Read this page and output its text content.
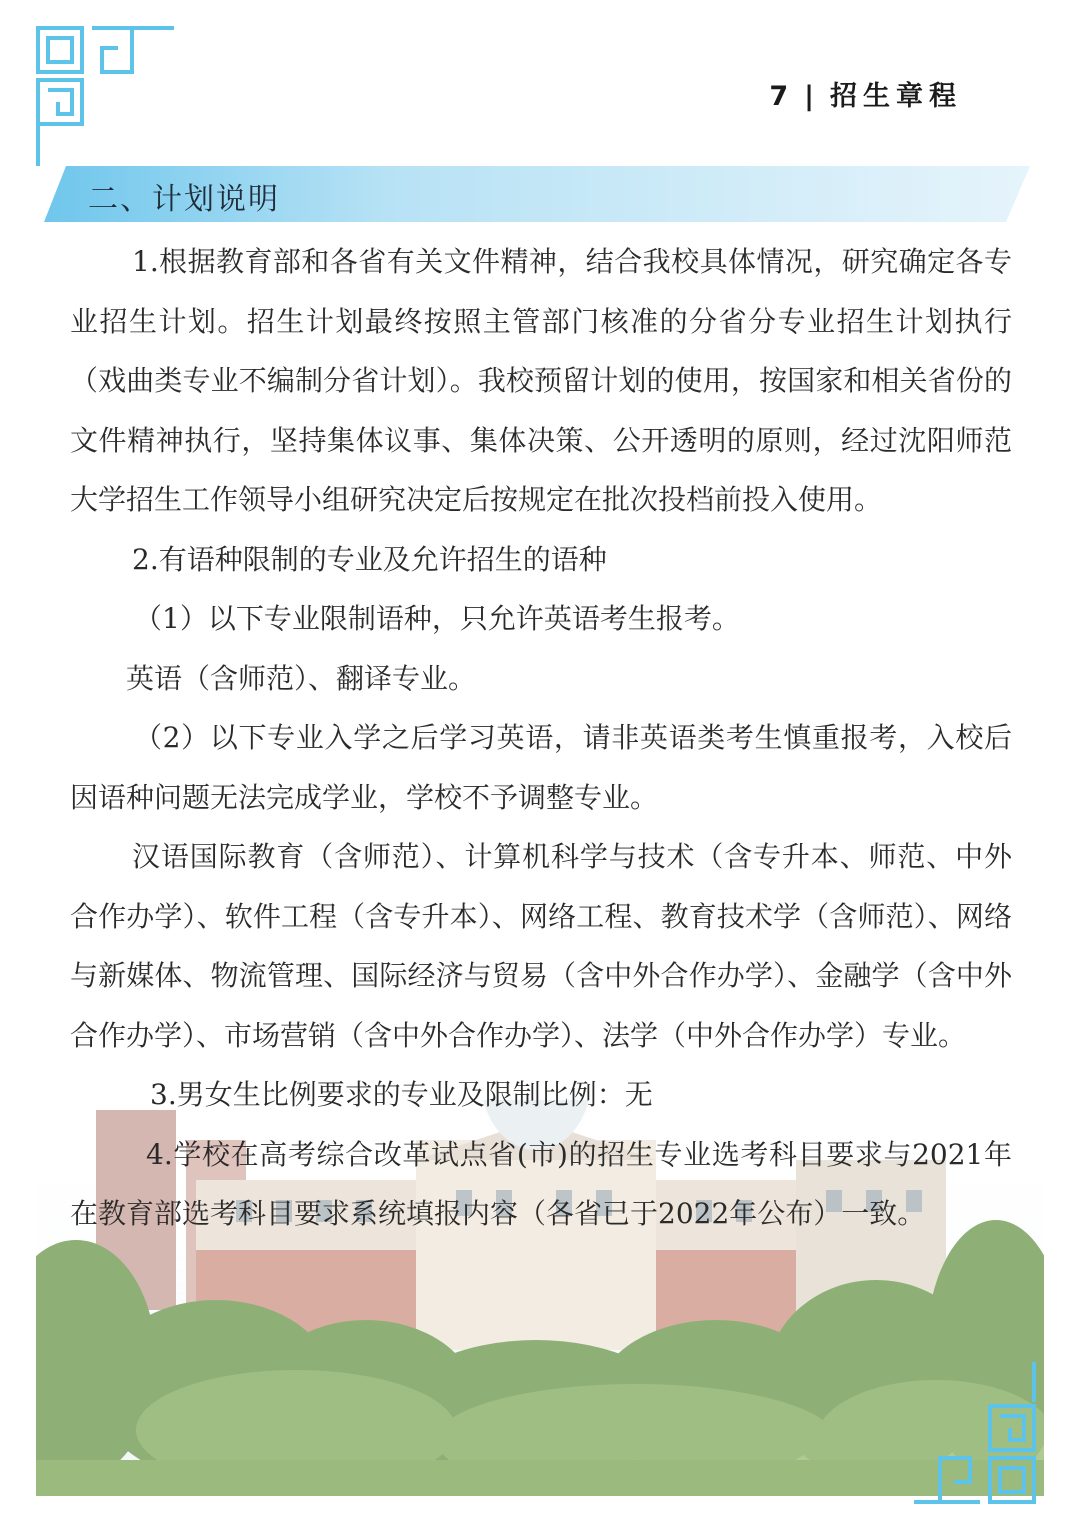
7 | 招生章程
二、计划说明

1.根据教育部和各省有关文件精神，结合我校具体情况，研究确定各专业招生计划。招生计划最终按照主管部门核准的分省分专业招生计划执行（戏曲类专业不编制分省计划）。我校预留计划的使用，按国家和相关省份的文件精神执行，坚持集体议事、集体决策、公开透明的原则，经过沈阳师范大学招生工作领导小组研究决定后按规定在批次投档前投入使用。

2.有语种限制的专业及允许招生的语种

（1）以下专业限制语种，只允许英语考生报考。

英语（含师范）、翻译专业。

（2）以下专业入学之后学习英语，请非英语类考生慎重报考，入校后因语种问题无法完成学业，学校不予调整专业。

汉语国际教育（含师范）、计算机科学与技术（含专升本、师范、中外合作办学）、软件工程（含专升本）、网络工程、教育技术学（含师范）、网络与新媒体、物流管理、国际经济与贸易（含中外合作办学）、金融学（含中外合作办学）、市场营销（含中外合作办学）、法学（中外合作办学）专业。

3.男女生比例要求的专业及限制比例：无

4.学校在高考综合改革试点省(市)的招生专业选考科目要求与2021年在教育部选考科目要求系统填报内容（各省已于2022年公布）一致。
